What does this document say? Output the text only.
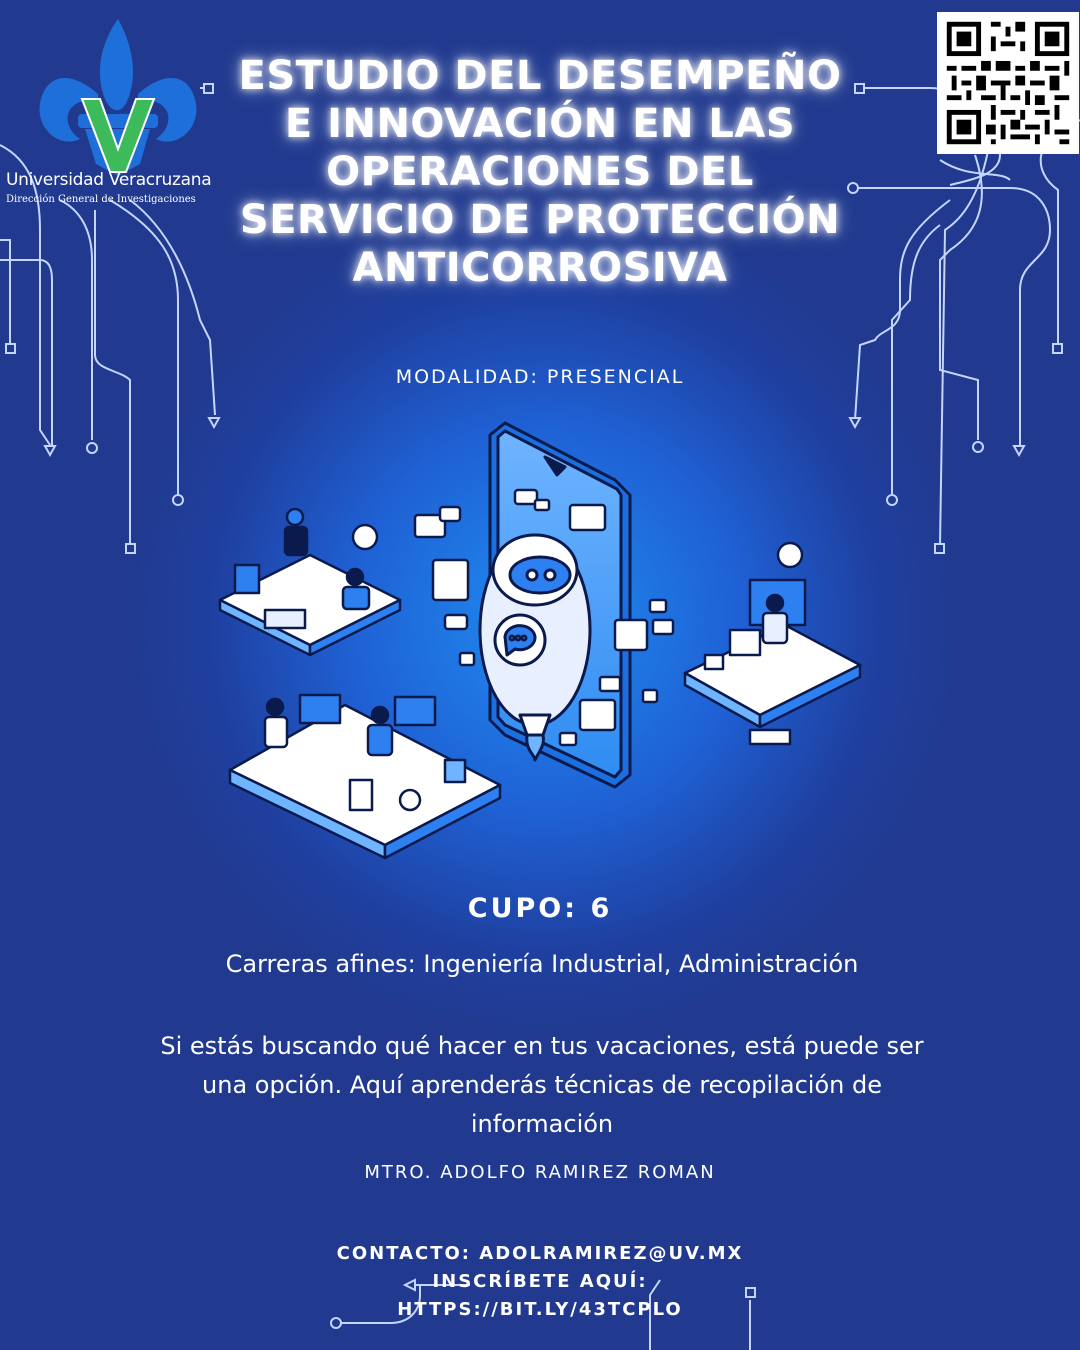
Universidad Veracruzana
Dirección General de Investigaciones
ESTUDIO DEL DESEMPEÑO
E INNOVACIÓN EN LAS
OPERACIONES DEL
SERVICIO DE PROTECCIÓN
ANTICORROSIVA
MODALIDAD: PRESENCIAL
CUPO: 6
Carreras afines: Ingeniería Industrial, Administración
Si estás buscando qué hacer en tus vacaciones, está puede ser una opción. Aquí aprenderás técnicas de recopilación de información
MTRO. ADOLFO RAMIREZ ROMAN
CONTACTO: ADOLRAMIREZ@UV.MX
INSCRÍBETE AQUÍ:
HTTPS://BIT.LY/43TCPLO
